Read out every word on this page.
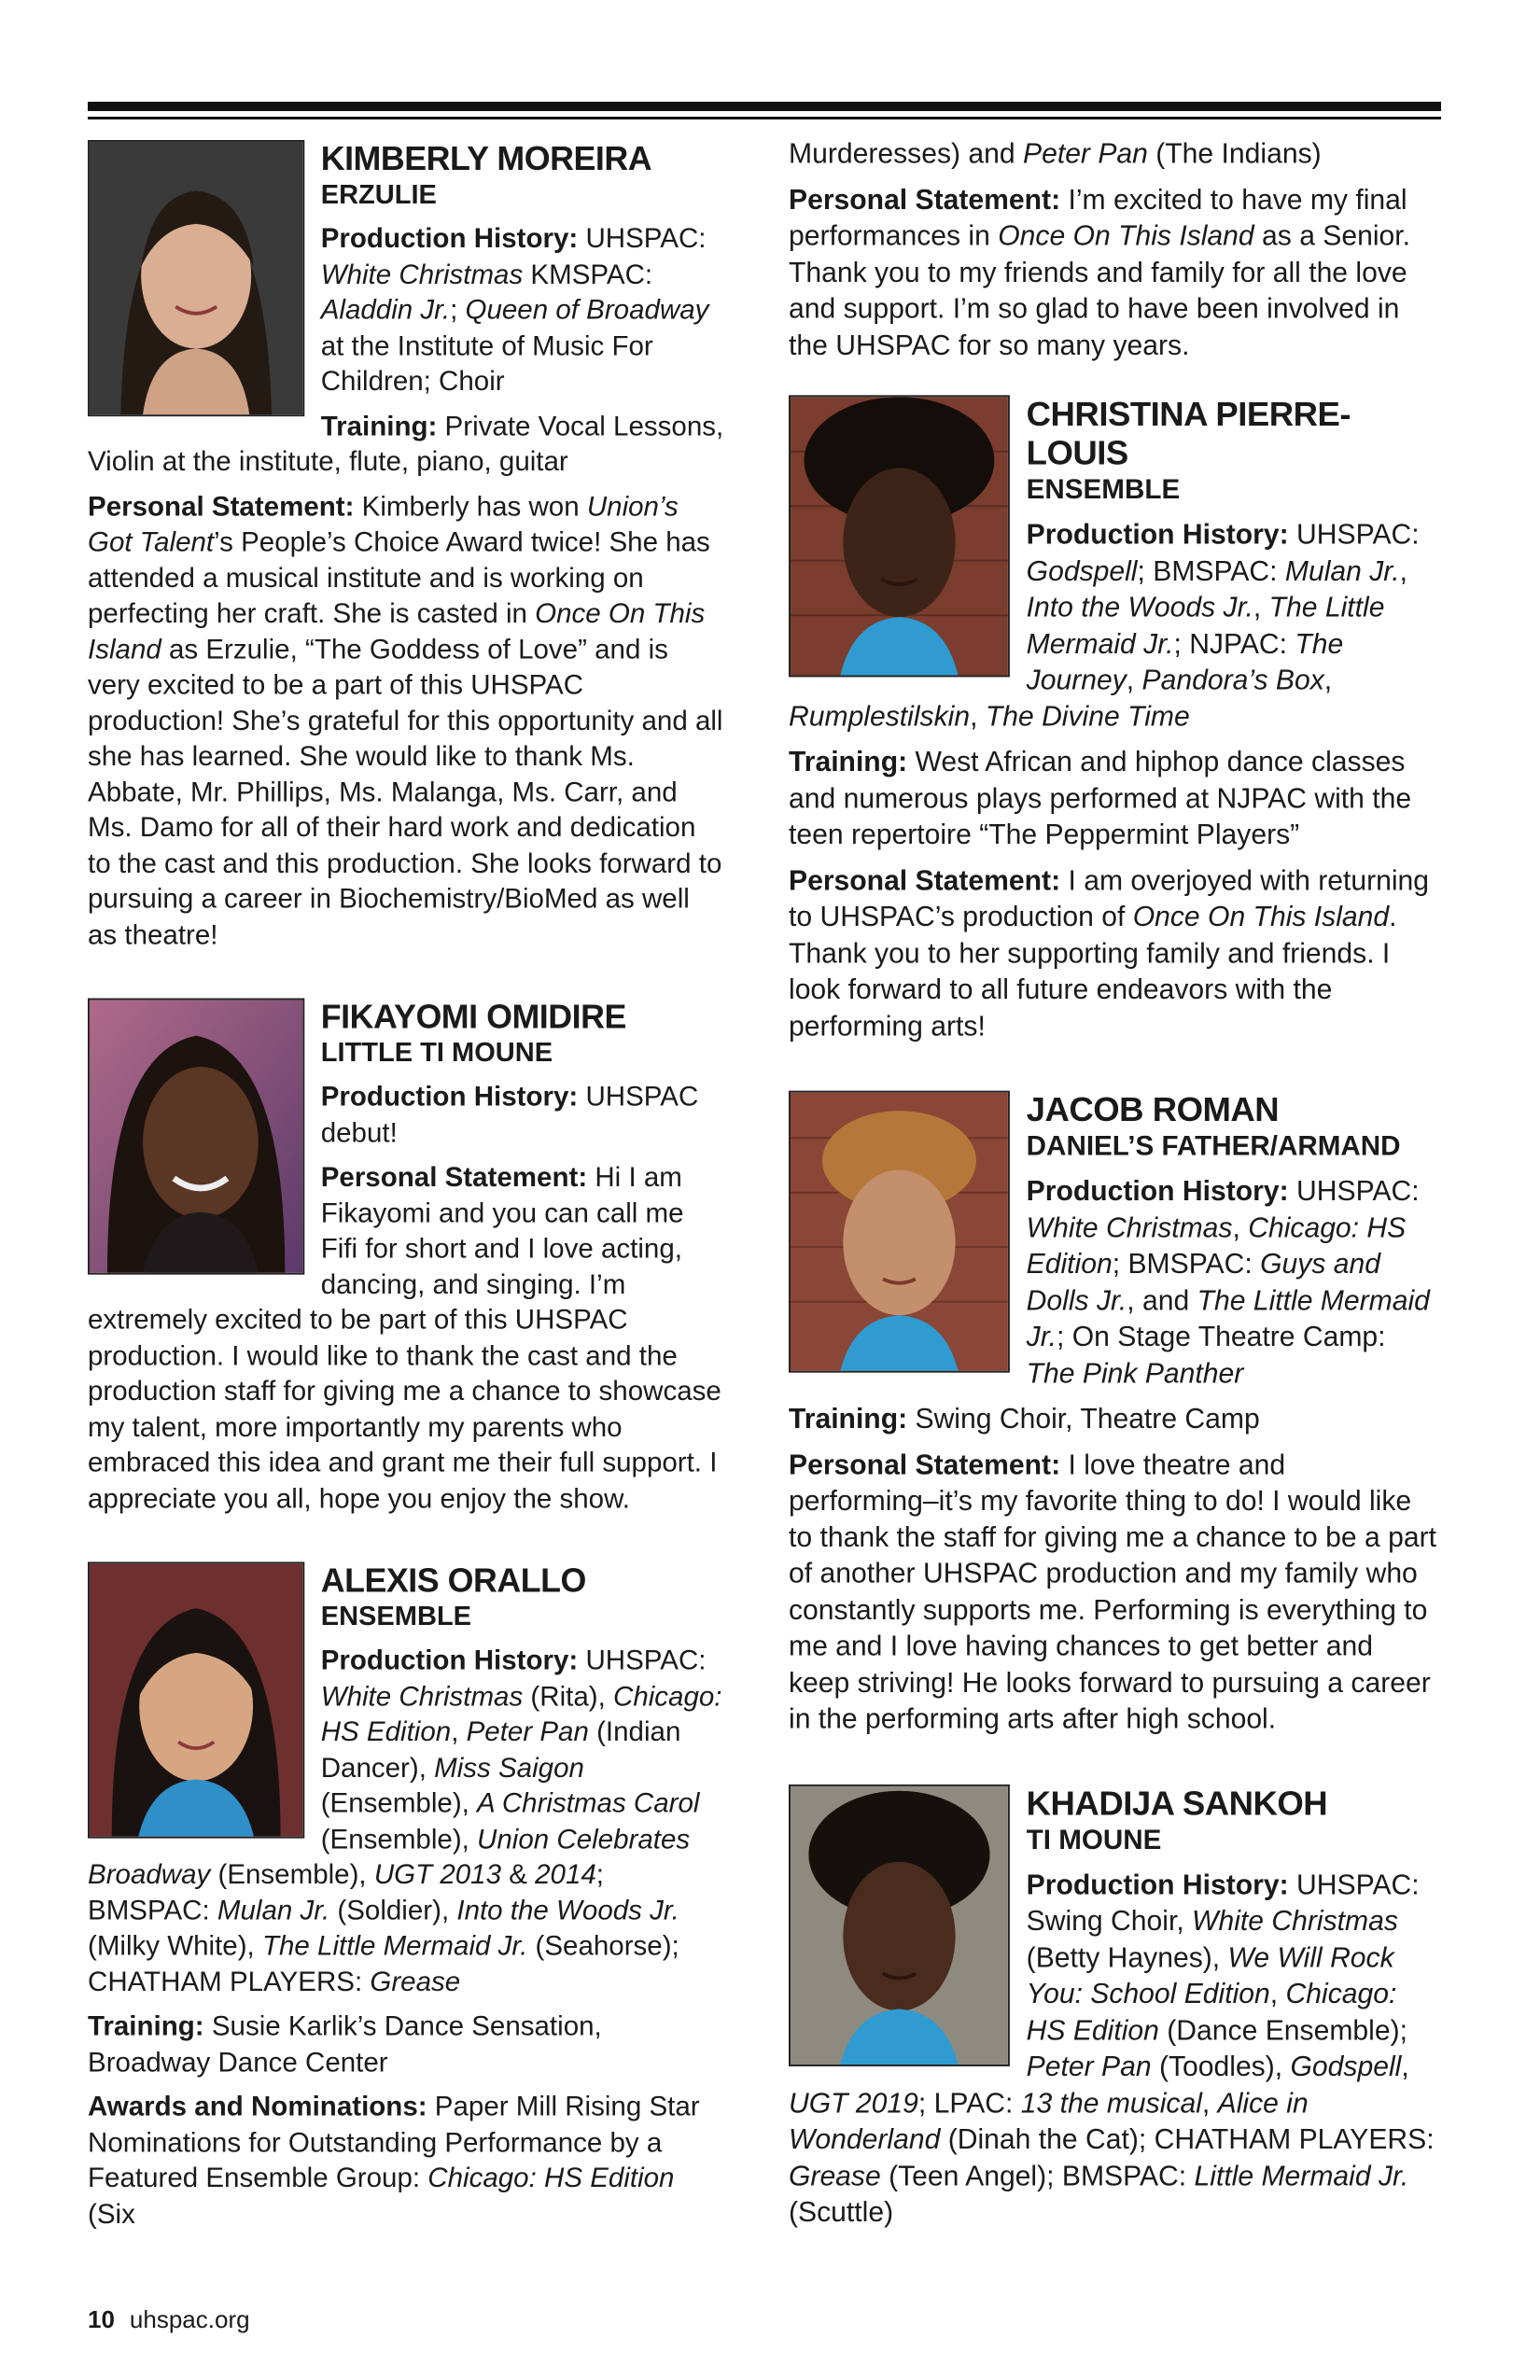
KIMBERLY MOREIRA
ERZULIE
Production History: UHSPAC: White Christmas KMSPAC: Aladdin Jr.; Queen of Broadway at the Institute of Music For Children; Choir
Training: Private Vocal Lessons, Violin at the institute, flute, piano, guitar
Personal Statement: Kimberly has won Union’s Got Talent’s People’s Choice Award twice! She has attended a musical institute and is working on perfecting her craft. She is casted in Once On This Island as Erzulie, “The Goddess of Love” and is very excited to be a part of this UHSPAC production! She’s grateful for this opportunity and all she has learned. She would like to thank Ms. Abbate, Mr. Phillips, Ms. Malanga, Ms. Carr, and Ms. Damo for all of their hard work and dedication to the cast and this production. She looks forward to pursuing a career in Biochemistry/BioMed as well as theatre!
FIKAYOMI OMIDIRE
LITTLE TI MOUNE
Production History: UHSPAC debut!
Personal Statement: Hi I am Fikayomi and you can call me Fifi for short and I love acting, dancing, and singing. I’m extremely excited to be part of this UHSPAC production. I would like to thank the cast and the production staff for giving me a chance to showcase my talent, more importantly my parents who embraced this idea and grant me their full support. I appreciate you all, hope you enjoy the show.
ALEXIS ORALLO
ENSEMBLE
Production History: UHSPAC: White Christmas (Rita), Chicago: HS Edition, Peter Pan (Indian Dancer), Miss Saigon (Ensemble), A Christmas Carol (Ensemble), Union Celebrates Broadway (Ensemble), UGT 2013 & 2014; BMSPAC: Mulan Jr. (Soldier), Into the Woods Jr. (Milky White), The Little Mermaid Jr. (Seahorse); CHATHAM PLAYERS: Grease
Training: Susie Karlik’s Dance Sensation, Broadway Dance Center
Awards and Nominations: Paper Mill Rising Star Nominations for Outstanding Performance by a Featured Ensemble Group: Chicago: HS Edition (Six
Murderesses) and Peter Pan (The Indians)
Personal Statement: I’m excited to have my final performances in Once On This Island as a Senior. Thank you to my friends and family for all the love and support. I’m so glad to have been involved in the UHSPAC for so many years.
CHRISTINA PIERRE-LOUIS
ENSEMBLE
Production History: UHSPAC: Godspell; BMSPAC: Mulan Jr., Into the Woods Jr., The Little Mermaid Jr.; NJPAC: The Journey, Pandora’s Box, Rumplestilskin, The Divine Time
Training: West African and hiphop dance classes and numerous plays performed at NJPAC with the teen repertoire “The Peppermint Players”
Personal Statement: I am overjoyed with returning to UHSPAC’s production of Once On This Island. Thank you to her supporting family and friends. I look forward to all future endeavors with the performing arts!
JACOB ROMAN
DANIEL’S FATHER/ARMAND
Production History: UHSPAC: White Christmas, Chicago: HS Edition; BMSPAC: Guys and Dolls Jr., and The Little Mermaid Jr.; On Stage Theatre Camp: The Pink Panther
Training: Swing Choir, Theatre Camp
Personal Statement: I love theatre and performing–it’s my favorite thing to do! I would like to thank the staff for giving me a chance to be a part of another UHSPAC production and my family who constantly supports me. Performing is everything to me and I love having chances to get better and keep striving! He looks forward to pursuing a career in the performing arts after high school.
KHADIJA SANKOH
TI MOUNE
Production History: UHSPAC: Swing Choir, White Christmas (Betty Haynes), We Will Rock You: School Edition, Chicago: HS Edition (Dance Ensemble); Peter Pan (Toodles), Godspell, UGT 2019; LPAC: 13 the musical, Alice in Wonderland (Dinah the Cat); CHATHAM PLAYERS: Grease (Teen Angel); BMSPAC: Little Mermaid Jr. (Scuttle)
10 uhspac.org
